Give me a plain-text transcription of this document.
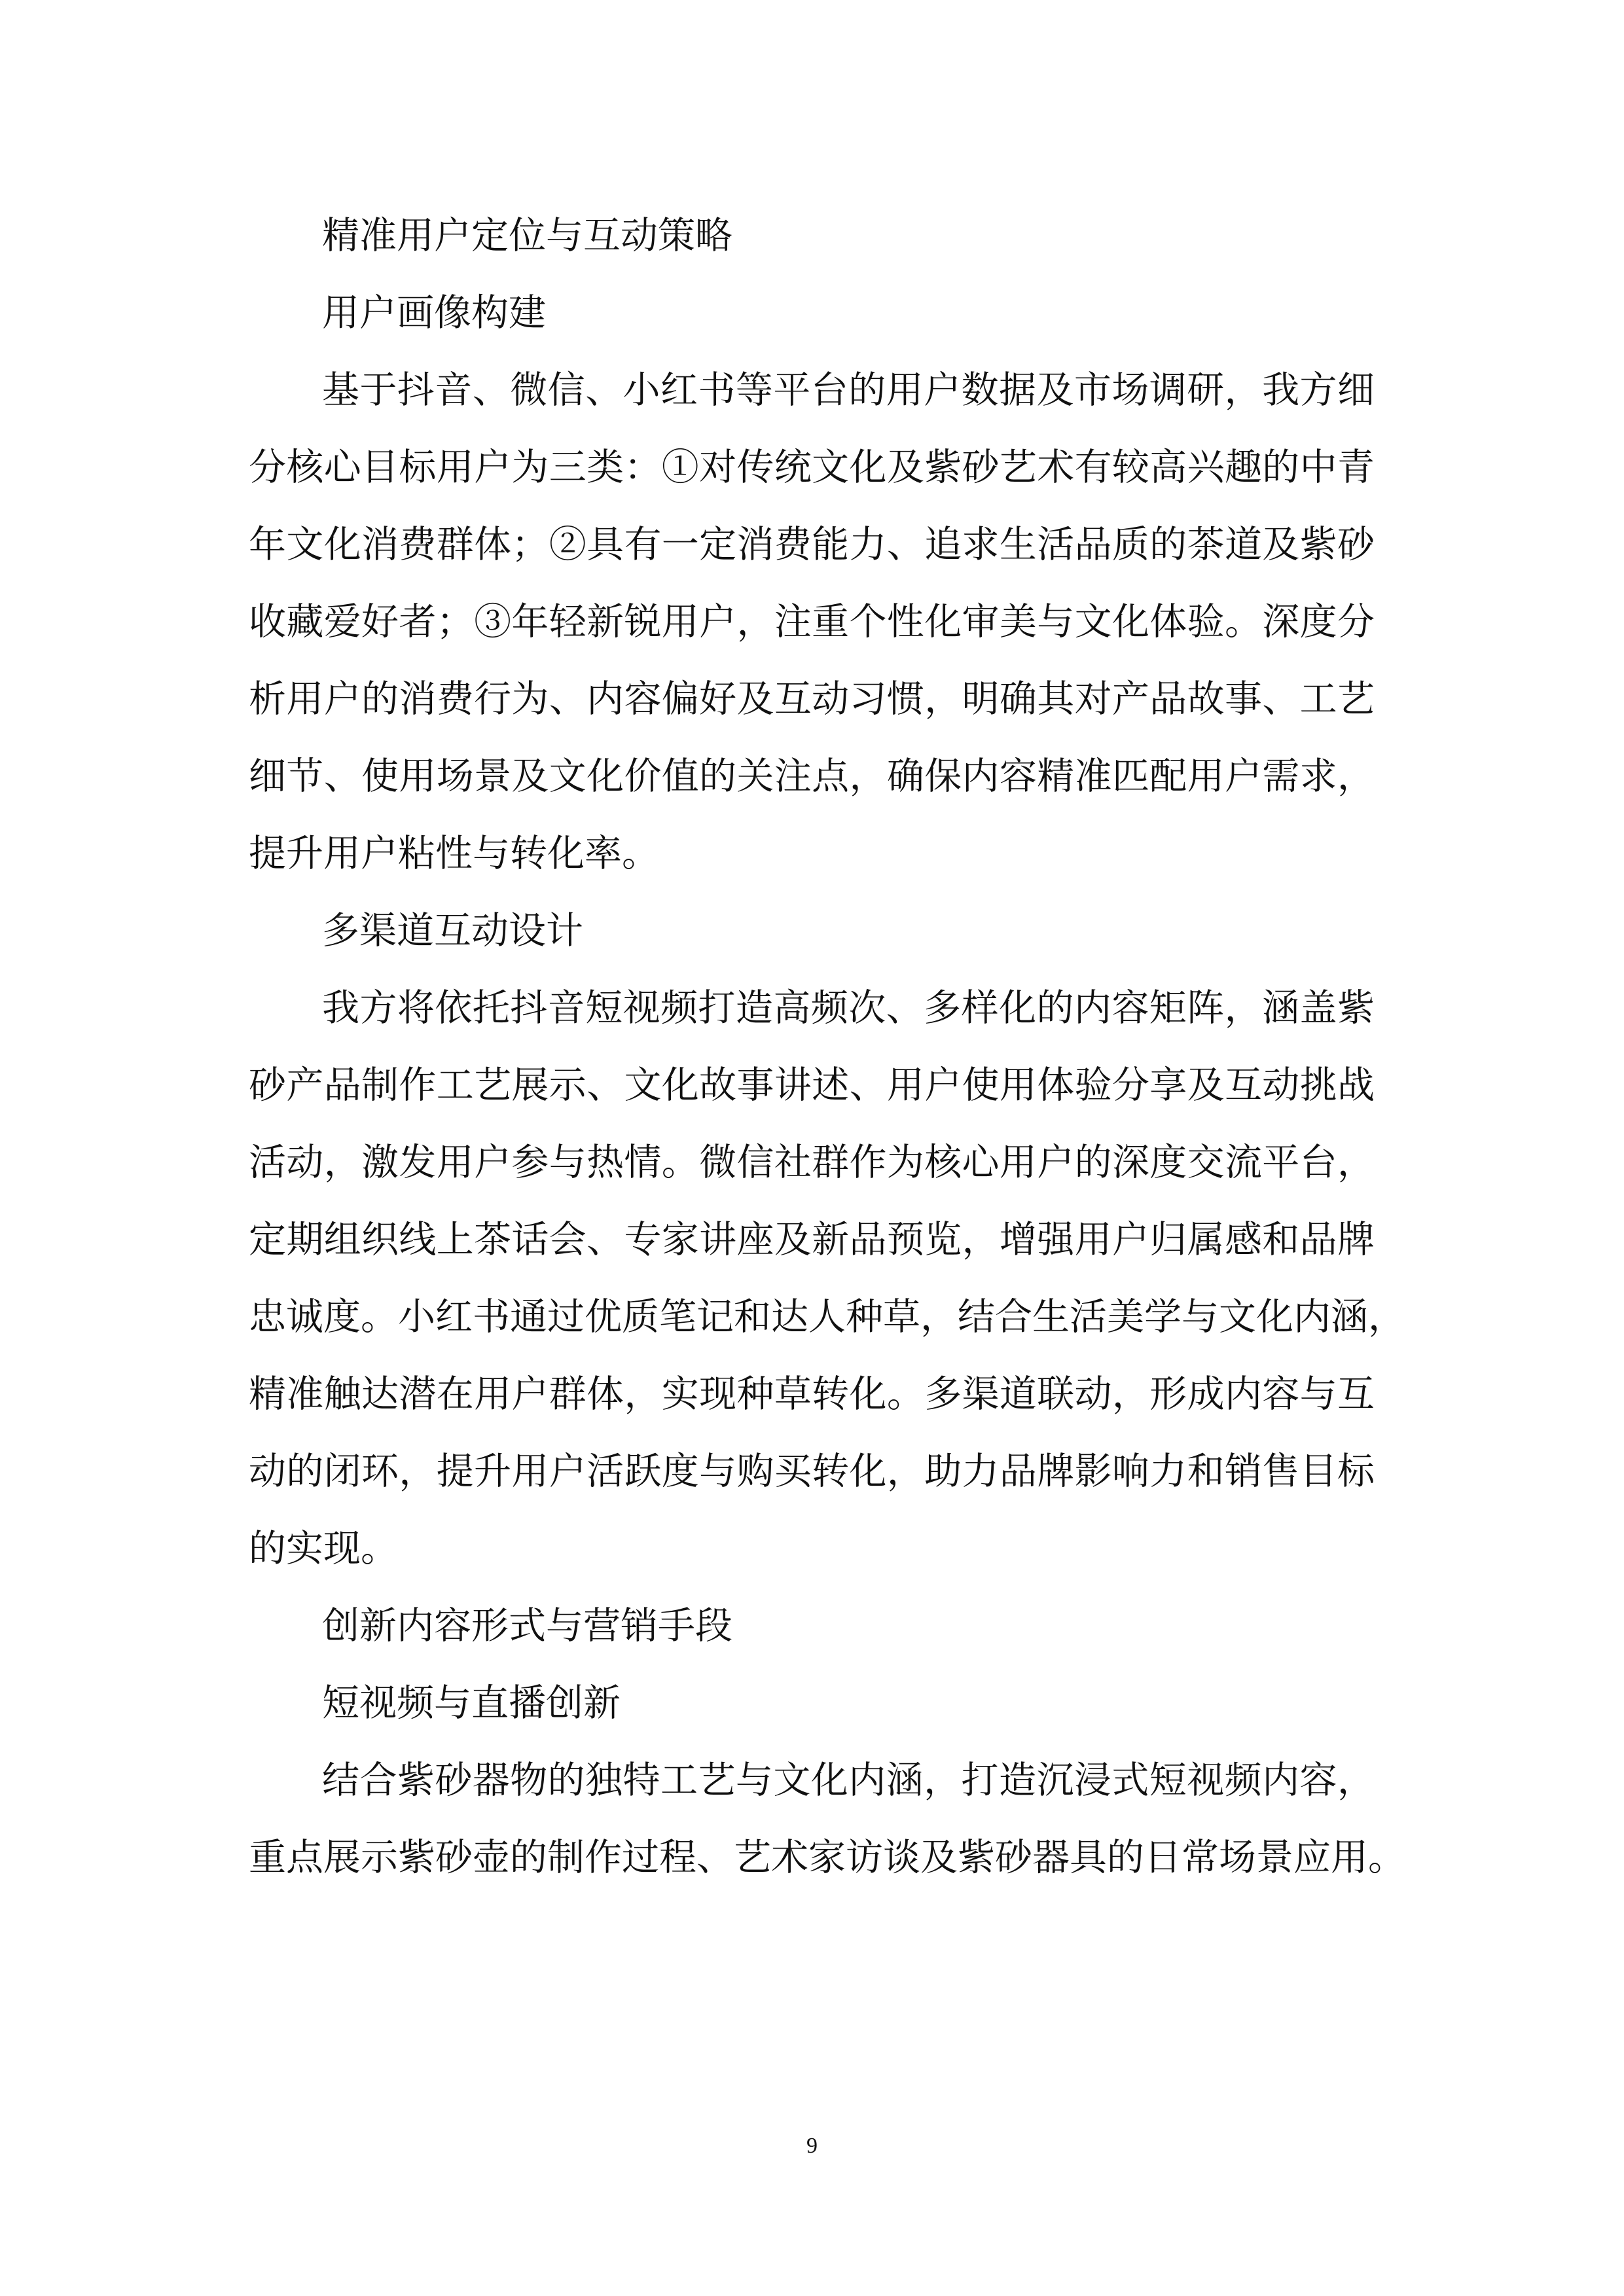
精准用户定位与互动策略

用户画像构建

基于抖音、微信、小红书等平台的用户数据及市场调研，我方细
分核心目标用户为三类：①对传统文化及紫砂艺术有较高兴趣的中青
年文化消费群体；②具有一定消费能力、追求生活品质的茶道及紫砂
收藏爱好者；③年轻新锐用户，注重个性化审美与文化体验。深度分
析用户的消费行为、内容偏好及互动习惯，明确其对产品故事、工艺
细节、使用场景及文化价值的关注点，确保内容精准匹配用户需求，
提升用户粘性与转化率。

多渠道互动设计

我方将依托抖音短视频打造高频次、多样化的内容矩阵，涵盖紫
砂产品制作工艺展示、文化故事讲述、用户使用体验分享及互动挑战
活动，激发用户参与热情。微信社群作为核心用户的深度交流平台，
定期组织线上茶话会、专家讲座及新品预览，增强用户归属感和品牌
忠诚度。小红书通过优质笔记和达人种草，结合生活美学与文化内涵，
精准触达潜在用户群体，实现种草转化。多渠道联动，形成内容与互
动的闭环，提升用户活跃度与购买转化，助力品牌影响力和销售目标
的实现。

创新内容形式与营销手段

短视频与直播创新

结合紫砂器物的独特工艺与文化内涵，打造沉浸式短视频内容，
重点展示紫砂壶的制作过程、艺术家访谈及紫砂器具的日常场景应用。

9
